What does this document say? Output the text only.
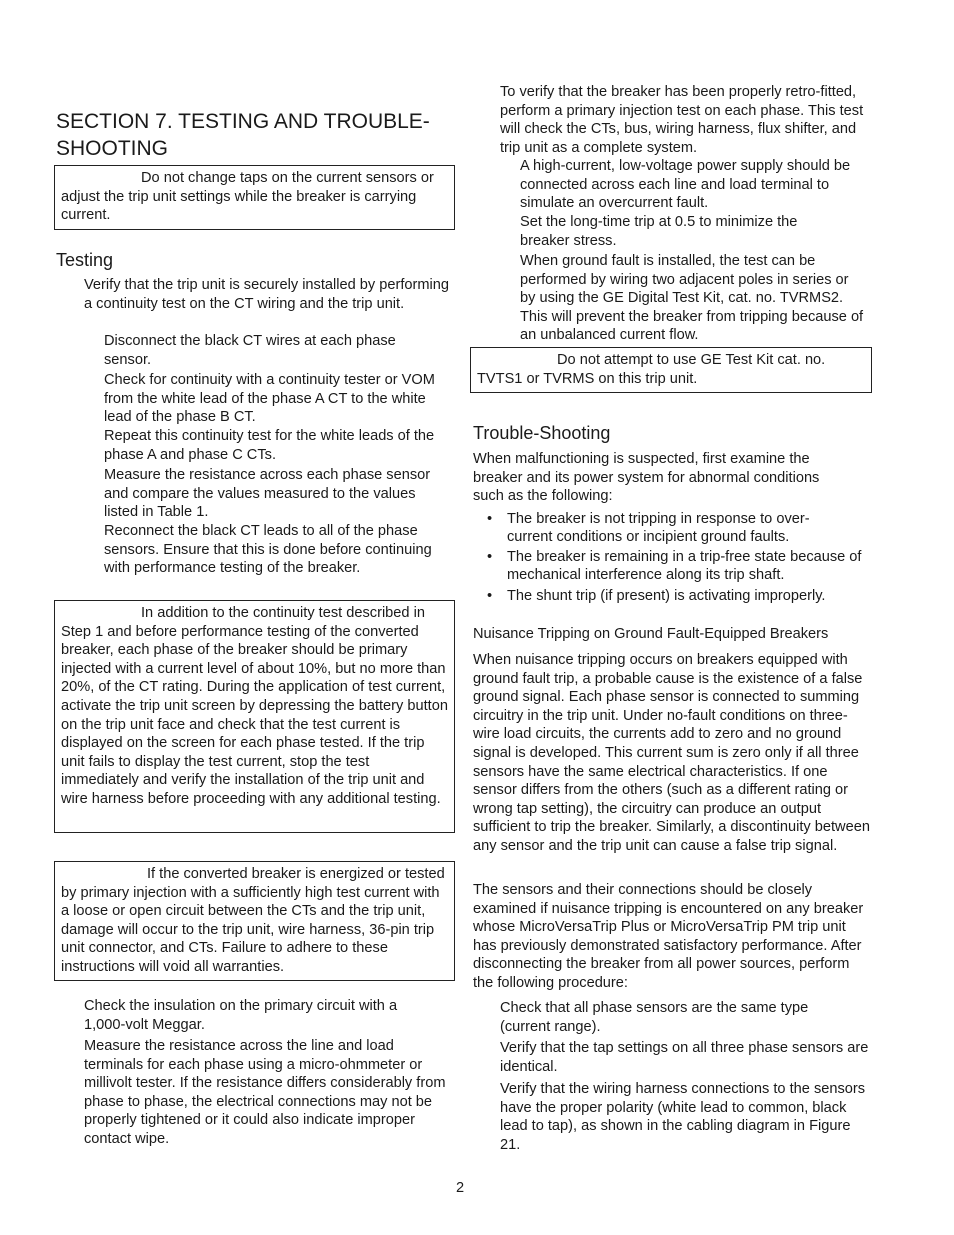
SECTION 7. TESTING AND TROUBLE-
SHOOTING
Do not change taps on the current sensors or adjust the trip unit settings while the breaker is carrying current.
Testing

Verify that the trip unit is securely installed by performing a continuity test on the CT wiring and the trip unit.

Disconnect the black CT wires at each phase sensor.

Check for continuity with a continuity tester or VOM from the white lead of the phase A CT to the white lead of the phase B CT.

Repeat this continuity test for the white leads of the phase A and phase C CTs.

Measure the resistance across each phase sensor and compare the values measured to the values listed in Table 1.

Reconnect the black CT leads to all of the phase sensors. Ensure that this is done before continuing with performance testing of the breaker.

In addition to the continuity test described in Step 1 and before performance testing of the converted breaker, each phase of the breaker should be primary injected with a current level of about 10%, but no more than 20%, of the CT rating. During the application of test current, activate the trip unit screen by depressing the battery button on the trip unit face and check that the test current is displayed on the screen for each phase tested. If the trip unit fails to display the test current, stop the test immediately and verify the installation of the trip unit and wire harness before proceeding with any additional testing.
If the converted breaker is energized or tested by primary injection with a sufficiently high test current with a loose or open circuit between the CTs and the trip unit, damage will occur to the trip unit, wire harness, 36-pin trip unit connector, and CTs. Failure to adhere to these instructions will void all warranties.

Check the insulation on the primary circuit with a 1,000-volt Meggar.

Measure the resistance across the line and load terminals for each phase using a micro-ohmmeter or millivolt tester. If the resistance differs considerably from phase to phase, the electrical connections may not be properly tightened or it could also indicate improper contact wipe.

To verify that the breaker has been properly retro-fitted, perform a primary injection test on each phase. This test will check the CTs, bus, wiring harness, flux shifter, and trip unit as a complete system.

A high-current, low-voltage power supply should be connected across each line and load terminal to simulate an overcurrent fault.

Set the long-time trip at 0.5 to minimize the breaker stress.

When ground fault is installed, the test can be performed by wiring two adjacent poles in series or by using the GE Digital Test Kit, cat. no. TVRMS2. This will prevent the breaker from tripping because of an unbalanced current flow.

Do not attempt to use GE Test Kit cat. no. TVTS1 or TVRMS on this trip unit.
Trouble-Shooting

When malfunctioning is suspected, first examine the breaker and its power system for abnormal conditions such as the following:

• The breaker is not tripping in response to over-current conditions or incipient ground faults.
• The breaker is remaining in a trip-free state because of mechanical interference along its trip shaft.
• The shunt trip (if present) is activating improperly.
Nuisance Tripping on Ground Fault-Equipped Breakers

When nuisance tripping occurs on breakers equipped with ground fault trip, a probable cause is the existence of a false ground signal. Each phase sensor is connected to summing circuitry in the trip unit. Under no-fault conditions on three-wire load circuits, the currents add to zero and no ground signal is developed. This current sum is zero only if all three sensors have the same electrical characteristics. If one sensor differs from the others (such as a different rating or wrong tap setting), the circuitry can produce an output sufficient to trip the breaker. Similarly, a discontinuity between any sensor and the trip unit can cause a false trip signal.

The sensors and their connections should be closely examined if nuisance tripping is encountered on any breaker whose MicroVersaTrip Plus or MicroVersaTrip PM trip unit has previously demonstrated satisfactory performance. After disconnecting the breaker from all power sources, perform the following procedure:

Check that all phase sensors are the same type (current range).

Verify that the tap settings on all three phase sensors are identical.

Verify that the wiring harness connections to the sensors have the proper polarity (white lead to common, black lead to tap), as shown in the cabling diagram in Figure 21.

2
